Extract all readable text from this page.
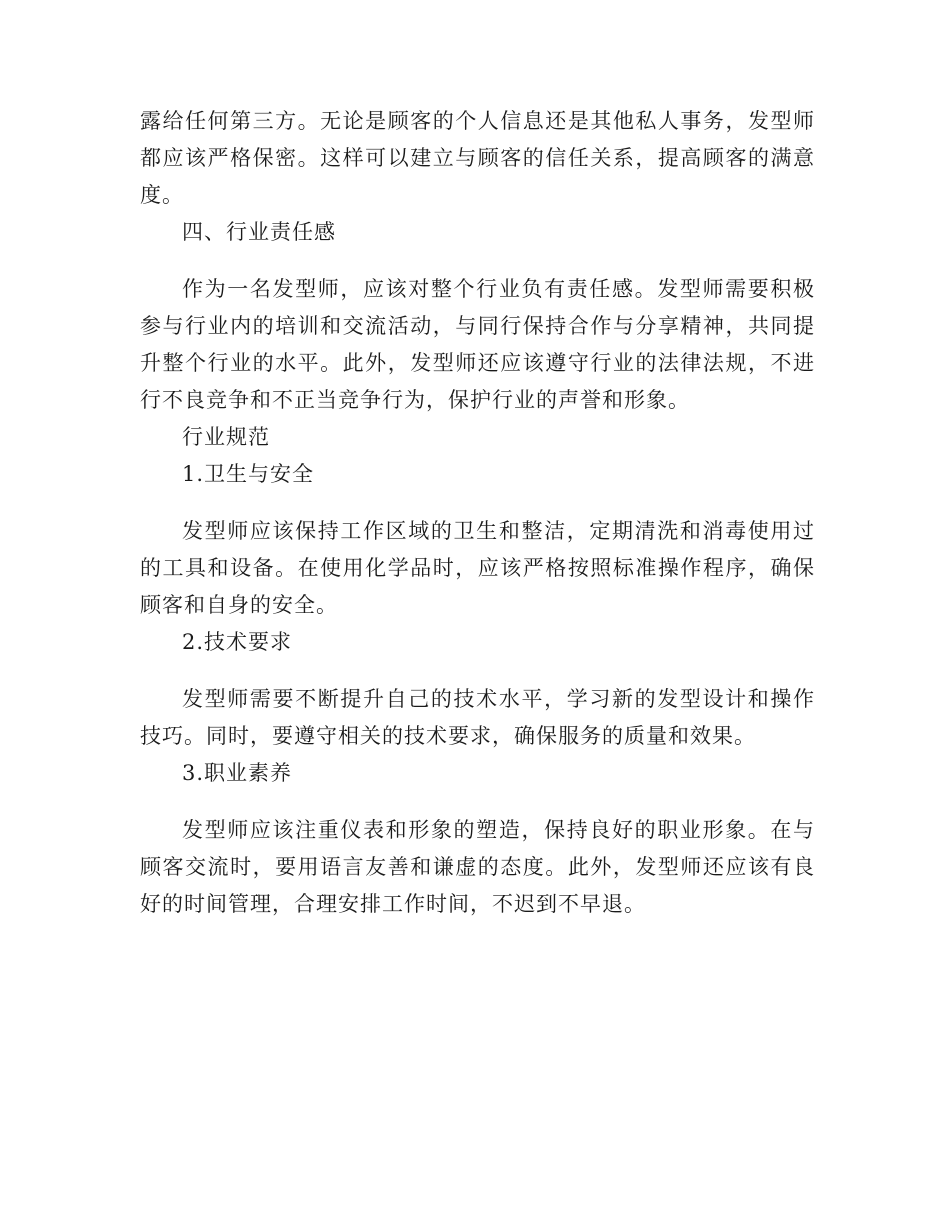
露给任何第三方。无论是顾客的个人信息还是其他私人事务，发型师都应该严格保密。这样可以建立与顾客的信任关系，提高顾客的满意度。

四、行业责任感

作为一名发型师，应该对整个行业负有责任感。发型师需要积极参与行业内的培训和交流活动，与同行保持合作与分享精神，共同提升整个行业的水平。此外，发型师还应该遵守行业的法律法规，不进行不良竞争和不正当竞争行为，保护行业的声誉和形象。

行业规范

1.卫生与安全

发型师应该保持工作区域的卫生和整洁，定期清洗和消毒使用过的工具和设备。在使用化学品时，应该严格按照标准操作程序，确保顾客和自身的安全。

2.技术要求

发型师需要不断提升自己的技术水平，学习新的发型设计和操作技巧。同时，要遵守相关的技术要求，确保服务的质量和效果。

3.职业素养

发型师应该注重仪表和形象的塑造，保持良好的职业形象。在与顾客交流时，要用语言友善和谦虚的态度。此外，发型师还应该有良好的时间管理，合理安排工作时间，不迟到不早退。
